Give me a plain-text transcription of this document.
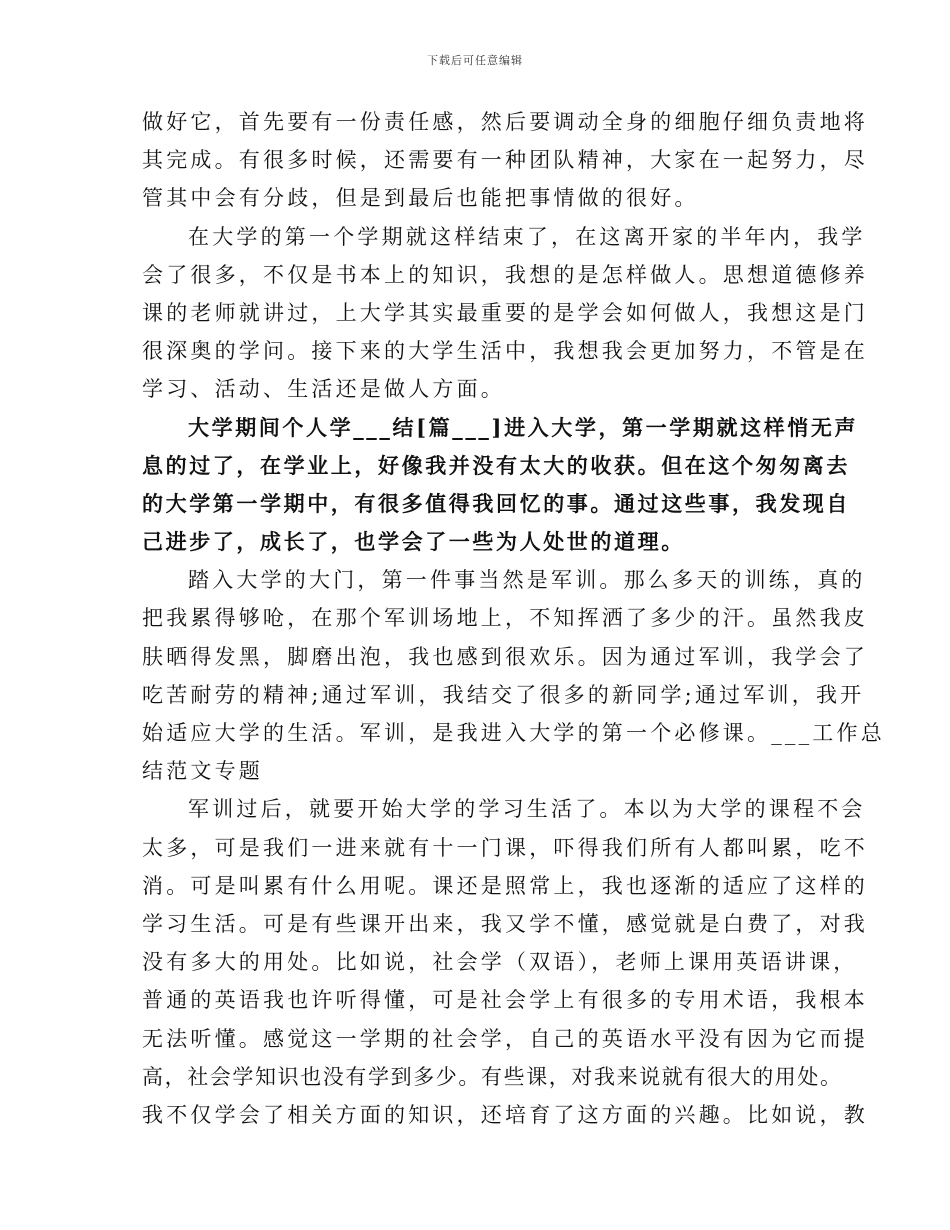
下载后可任意编辑
做好它，首先要有一份责任感，然后要调动全身的细胞仔细负责地将
其完成。有很多时候，还需要有一种团队精神，大家在一起努力，尽
管其中会有分歧，但是到最后也能把事情做的很好。
在大学的第一个学期就这样结束了，在这离开家的半年内，我学
会了很多，不仅是书本上的知识，我想的是怎样做人。思想道德修养
课的老师就讲过，上大学其实最重要的是学会如何做人，我想这是门
很深奥的学问。接下来的大学生活中，我想我会更加努力，不管是在
学习、活动、生活还是做人方面。
大学期间个人学___结[篇___]进入大学，第一学期就这样悄无声
息的过了，在学业上，好像我并没有太大的收获。但在这个匆匆离去
的大学第一学期中，有很多值得我回忆的事。通过这些事，我发现自
己进步了，成长了，也学会了一些为人处世的道理。
踏入大学的大门，第一件事当然是军训。那么多天的训练，真的
把我累得够呛，在那个军训场地上，不知挥洒了多少的汗。虽然我皮
肤晒得发黑，脚磨出泡，我也感到很欢乐。因为通过军训，我学会了
吃苦耐劳的精神;通过军训，我结交了很多的新同学;通过军训，我开
始适应大学的生活。军训，是我进入大学的第一个必修课。___工作总
结范文专题
军训过后，就要开始大学的学习生活了。本以为大学的课程不会
太多，可是我们一进来就有十一门课，吓得我们所有人都叫累，吃不
消。可是叫累有什么用呢。课还是照常上，我也逐渐的适应了这样的
学习生活。可是有些课开出来，我又学不懂，感觉就是白费了，对我
没有多大的用处。比如说，社会学（双语），老师上课用英语讲课，
普通的英语我也许听得懂，可是社会学上有很多的专用术语，我根本
无法听懂。感觉这一学期的社会学，自己的英语水平没有因为它而提
高，社会学知识也没有学到多少。有些课，对我来说就有很大的用处。
我不仅学会了相关方面的知识，还培育了这方面的兴趣。比如说，教
